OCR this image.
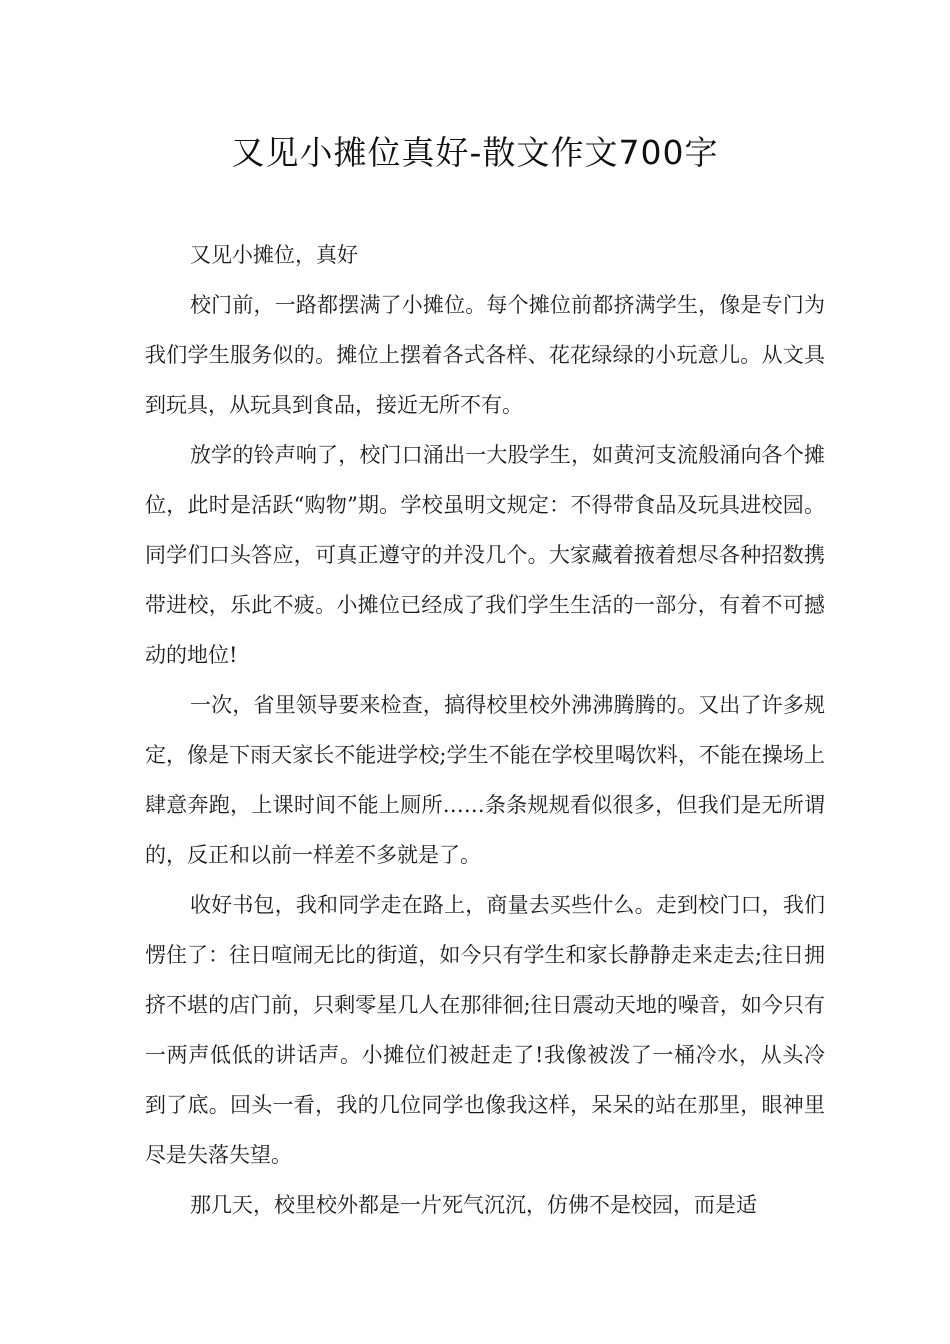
又见小摊位真好-散文作文700字

又见小摊位，真好

校门前，一路都摆满了小摊位。每个摊位前都挤满学生，像是专门为我们学生服务似的。摊位上摆着各式各样、花花绿绿的小玩意儿。从文具到玩具，从玩具到食品，接近无所不有。

放学的铃声响了，校门口涌出一大股学生，如黄河支流般涌向各个摊位，此时是活跃“购物”期。学校虽明文规定：不得带食品及玩具进校园。同学们口头答应，可真正遵守的并没几个。大家藏着掖着想尽各种招数携带进校，乐此不疲。小摊位已经成了我们学生生活的一部分，有着不可撼动的地位!

一次，省里领导要来检查，搞得校里校外沸沸腾腾的。又出了许多规定，像是下雨天家长不能进学校;学生不能在学校里喝饮料，不能在操场上肆意奔跑，上课时间不能上厕所……条条规规看似很多，但我们是无所谓的，反正和以前一样差不多就是了。

收好书包，我和同学走在路上，商量去买些什么。走到校门口，我们愣住了：往日喧闹无比的街道，如今只有学生和家长静静走来走去;往日拥挤不堪的店门前，只剩零星几人在那徘徊;往日震动天地的噪音，如今只有一两声低低的讲话声。小摊位们被赶走了!我像被泼了一桶冷水，从头冷到了底。回头一看，我的几位同学也像我这样，呆呆的站在那里，眼神里尽是失落失望。

那几天，校里校外都是一片死气沉沉，仿佛不是校园，而是适
